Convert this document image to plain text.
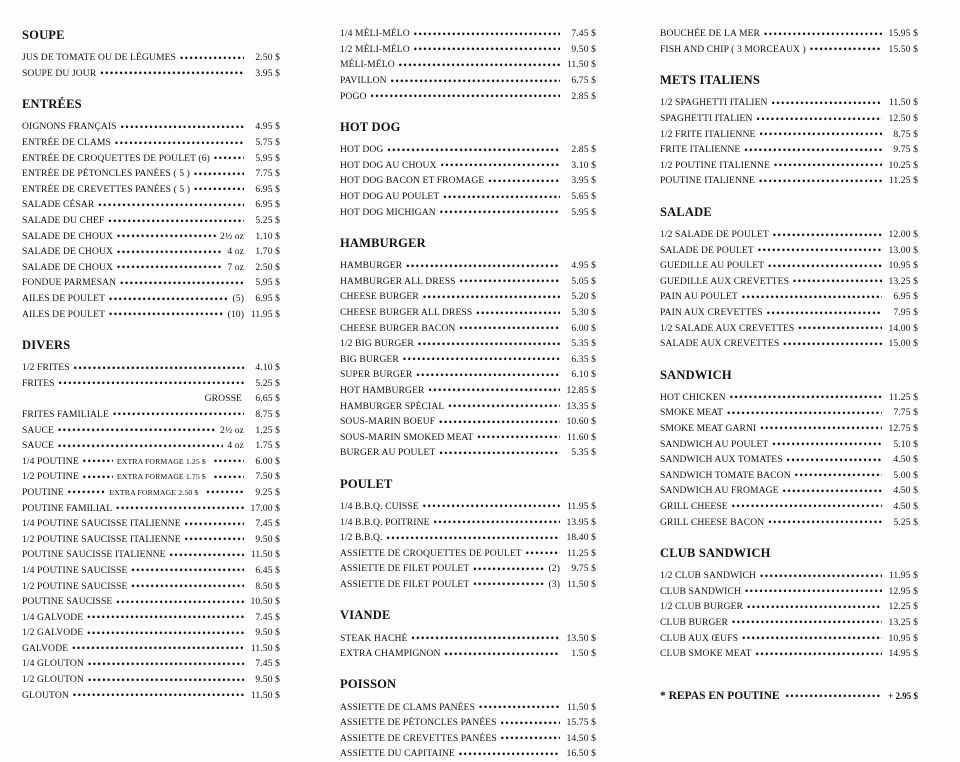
SOUPE
JUS DE TOMATE OU DE LÉGUMES • • •	2.50 $
SOUPE DU JOUR • • •	3.95 $
ENTRÉES
OIGNONS FRANÇAIS • • •	4.95 $
ENTRÉE DE CLAMS • • •	5.75 $
ENTRÉE DE CROQUETTES DE POULET (6) • • •	5.95 $
ENTRÉE DE PÉTONCLES PANÉES ( 5 ) • • •	7.75 $
ENTRÉE DE CREVETTES PANÉES ( 5 ) • • •	6.95 $
SALADE CÉSAR • • •	6.95 $
SALADE DU CHEF • • •	5.25 $
SALADE DE CHOUX • • •	2½ oz	1.10 $
SALADE DE CHOUX • • •	4 oz	1.70 $
SALADE DE CHOUX • • •	7 oz	2.50 $
FONDUE PARMESAN • • •	5.95 $
AILES DE POULET • • •	(5)	6.95 $
AILES DE POULET • • •	(10) 11.95 $
DIVERS
1/2 FRITES • • •	4.10 $
FRITES • • •	5.25 $
GROSSE	6.65 $
FRITES FAMILIALE • • •	8.75 $
SAUCE • • •	2½ oz	1.25 $
SAUCE • • •	4 oz	1.75 $
1/4 POUTINE • • •	EXTRA FORMAGE 1.25 $ • • •	6.00 $
1/2 POUTINE • • •	EXTRA FORMAGE 1.75 $ • • •	7.50 $
POUTINE • • •	EXTRA FORMAGE 2.50 $ • • •	9.25 $
POUTINE FAMILIAL • • •	17.00 $
1/4 POUTINE SAUCISSE ITALIENNE • • •	7.45 $
1/2 POUTINE SAUCISSE ITALIENNE • • •	9.50 $
POUTINE SAUCISSE ITALIENNE • • •	11.50 $
1/4 POUTINE SAUCISSE • • •	6.45 $
1/2 POUTINE SAUCISSE • • •	8.50 $
POUTINE SAUCISSE • • •	10.50 $
1/4 GALVODE • • •	7.45 $
1/2 GALVODE • • •	9.50 $
GALVODE • • •	11.50 $
1/4 GLOUTON • • •	7.45 $
1/2 GLOUTON • • •	9.50 $
GLOUTON • • •	11.50 $
1/4 MÉLI-MÉLO • • •	7.45 $
1/2 MÉLI-MÉLO • • •	9.50 $
MÉLI-MÉLO • • •	11.50 $
PAVILLON • • •	6.75 $
POGO • • •	2.85 $
HOT DOG
HOT DOG • • •	2.85 $
HOT DOG AU CHOUX • • •	3.10 $
HOT DOG BACON ET FROMAGE • • •	3.95 $
HOT DOG AU POULET • • •	5.65 $
HOT DOG MICHIGAN • • •	5.95 $
HAMBURGER
HAMBURGER • • •	4.95 $
HAMBURGER ALL DRESS • • •	5.05 $
CHEESE BURGER • • •	5.20 $
CHEESE BURGER ALL DRESS • • •	5.30 $
CHEESE BURGER BACON • • •	6.00 $
1/2 BIG BURGER • • •	5.35 $
BIG BURGER • • •	6.35 $
SUPER BURGER • • •	6.10 $
HOT HAMBURGER • • •	12.85 $
HAMBURGER SPÉCIAL • • •	13.35 $
SOUS-MARIN BOEUF • • •	10.60 $
SOUS-MARIN SMOKED MEAT • • •	11.60 $
BURGER AU POULET • • •	5.35 $
POULET
1/4 B.B.Q. CUISSE • • •	11.95 $
1/4 B.B.Q. POITRINE • • •	13.95 $
1/2 B.B.Q. • • •	18.40 $
ASSIETTE DE CROQUETTES DE POULET • • •	11.25 $
ASSIETTE DE FILET POULET • • •	(2)	9.75 $
ASSIETTE DE FILET POULET • • •	(3) 11.50 $
VIANDE
STEAK HACHÉ • • •	13.50 $
EXTRA CHAMPIGNON • • •	1.50 $
POISSON
ASSIETTE DE CLAMS PANÉES • • •	11.50 $
ASSIETTE DE PÉTONCLES PANÉES • • •	15.75 $
ASSIETTE DE CREVETTES PANÉES • • •	14.50 $
ASSIETTE DU CAPITAINE • • •	16.50 $
BOUCHÉE DE LA MER • • •	15.95 $
FISH AND CHIP ( 3 MORCEAUX ) • • •	15.50 $
METS ITALIENS
1/2 SPAGHETTI ITALIEN • • •	11.50 $
SPAGHETTI ITALIEN • • •	12.50 $
1/2 FRITE ITALIENNE • • •	8.75 $
FRITE ITALIENNE • • •	9.75 $
1/2 POUTINE ITALIENNE • • •	10.25 $
POUTINE ITALIENNE • • •	11.25 $
SALADE
1/2 SALADE DE POULET • • •	12.00 $
SALADE DE POULET • • •	13.00 $
GUEDILLE AU POULET • • •	10.95 $
GUEDILLE AUX CREVETTES • • •	13.25 $
PAIN AU POULET • • •	6.95 $
PAIN AUX CREVETTES • • •	7.95 $
1/2 SALADE AUX CREVETTES • • •	14.00 $
SALADE AUX CREVETTES • • •	15.00 $
SANDWICH
HOT CHICKEN • • •	11.25 $
SMOKE MEAT • • •	7.75 $
SMOKE MEAT GARNI • • •	12.75 $
SANDWICH AU POULET • • •	5.10 $
SANDWICH AUX TOMATES • • •	4.50 $
SANDWICH TOMATE BACON • • •	5.00 $
SANDWICH AU FROMAGE • • •	4.50 $
GRILL CHEESE • • •	4.50 $
GRILL CHEESE BACON • • •	5.25 $
CLUB SANDWICH
1/2 CLUB SANDWICH • • •	11.95 $
CLUB SANDWICH • • •	12.95 $
1/2 CLUB BURGER • • •	12.25 $
CLUB BURGER • • •	13.25 $
CLUB AUX ŒUFS • • •	10.95 $
CLUB SMOKE MEAT • • •	14.95 $
* REPAS EN POUTINE • • •	+ 2.95 $
